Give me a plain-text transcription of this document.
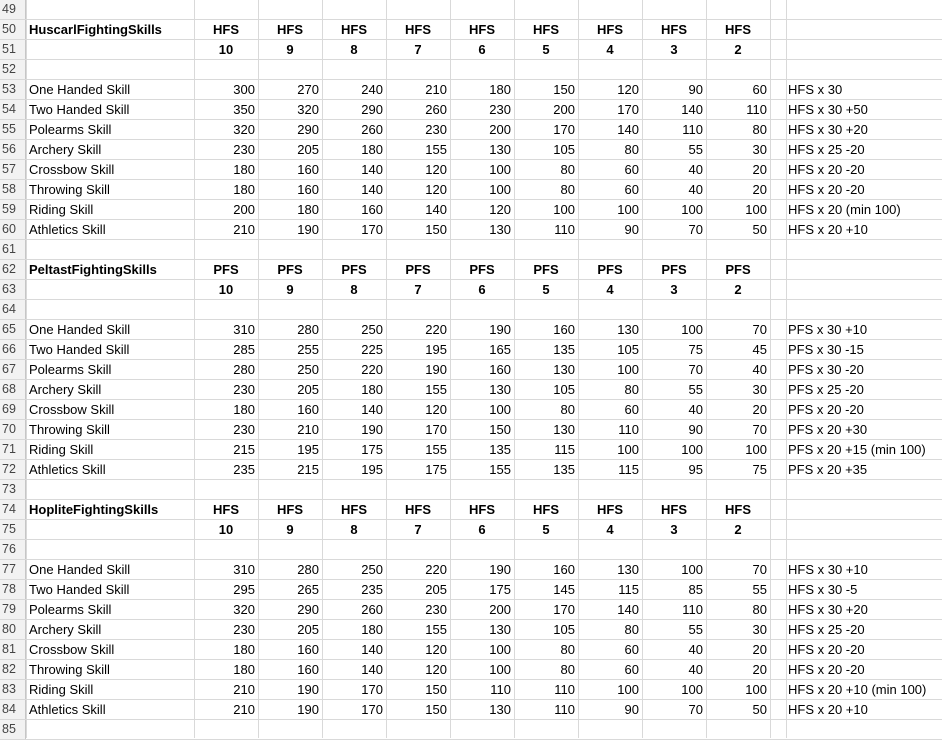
49
50	HuscarlFightingSkills	HFS	HFS	HFS	HFS	HFS	HFS	HFS	HFS	HFS
51	10	9	8	7	6	5	4	3	2
52
53	One Handed Skill	300	270	240	210	180	150	120	90	60 HFS x 30
54	Two Handed Skill	350	320	290	260	230	200	170	140	110 HFS x 30 +50
55	Polearms Skill	320	290	260	230	200	170	140	110	80 HFS x 30 +20
56	Archery Skill	230	205	180	155	130	105	80	55	30 HFS x 25 -20
57	Crossbow Skill	180	160	140	120	100	80	60	40	20 HFS x 20 -20
58	Throwing Skill	180	160	140	120	100	80	60	40	20 HFS x 20 -20
59	Riding Skill	200	180	160	140	120	100	100	100	100 HFS x 20 (min 100)
60	Athletics Skill	210	190	170	150	130	110	90	70	50 HFS x 20 +10
61
62	PeltastFightingSkills	PFS	PFS	PFS	PFS	PFS	PFS	PFS	PFS	PFS
63	10	9	8	7	6	5	4	3	2
64
65	One Handed Skill	310	280	250	220	190	160	130	100	70 PFS x 30 +10
66	Two Handed Skill	285	255	225	195	165	135	105	75	45 PFS x 30 -15
67	Polearms Skill	280	250	220	190	160	130	100	70	40 PFS x 30 -20
68	Archery Skill	230	205	180	155	130	105	80	55	30 PFS x 25 -20
69	Crossbow Skill	180	160	140	120	100	80	60	40	20 PFS x 20 -20
70	Throwing Skill	230	210	190	170	150	130	110	90	70 PFS x 20 +30
71	Riding Skill	215	195	175	155	135	115	100	100	100 PFS x 20 +15 (min 100)
72	Athletics Skill	235	215	195	175	155	135	115	95	75 PFS x 20 +35
73
74	HopliteFightingSkills	HFS	HFS	HFS	HFS	HFS	HFS	HFS	HFS	HFS
75	10	9	8	7	6	5	4	3	2
76
77	One Handed Skill	310	280	250	220	190	160	130	100	70 HFS x 30 +10
78	Two Handed Skill	295	265	235	205	175	145	115	85	55 HFS x 30 -5
79	Polearms Skill	320	290	260	230	200	170	140	110	80 HFS x 30 +20
80	Archery Skill	230	205	180	155	130	105	80	55	30 HFS x 25 -20
81	Crossbow Skill	180	160	140	120	100	80	60	40	20 HFS x 20 -20
82	Throwing Skill	180	160	140	120	100	80	60	40	20 HFS x 20 -20
83	Riding Skill	210	190	170	150	110	110	100	100	100 HFS x 20 +10 (min 100)
84	Athletics Skill	210	190	170	150	130	110	90	70	50 HFS x 20 +10
85
